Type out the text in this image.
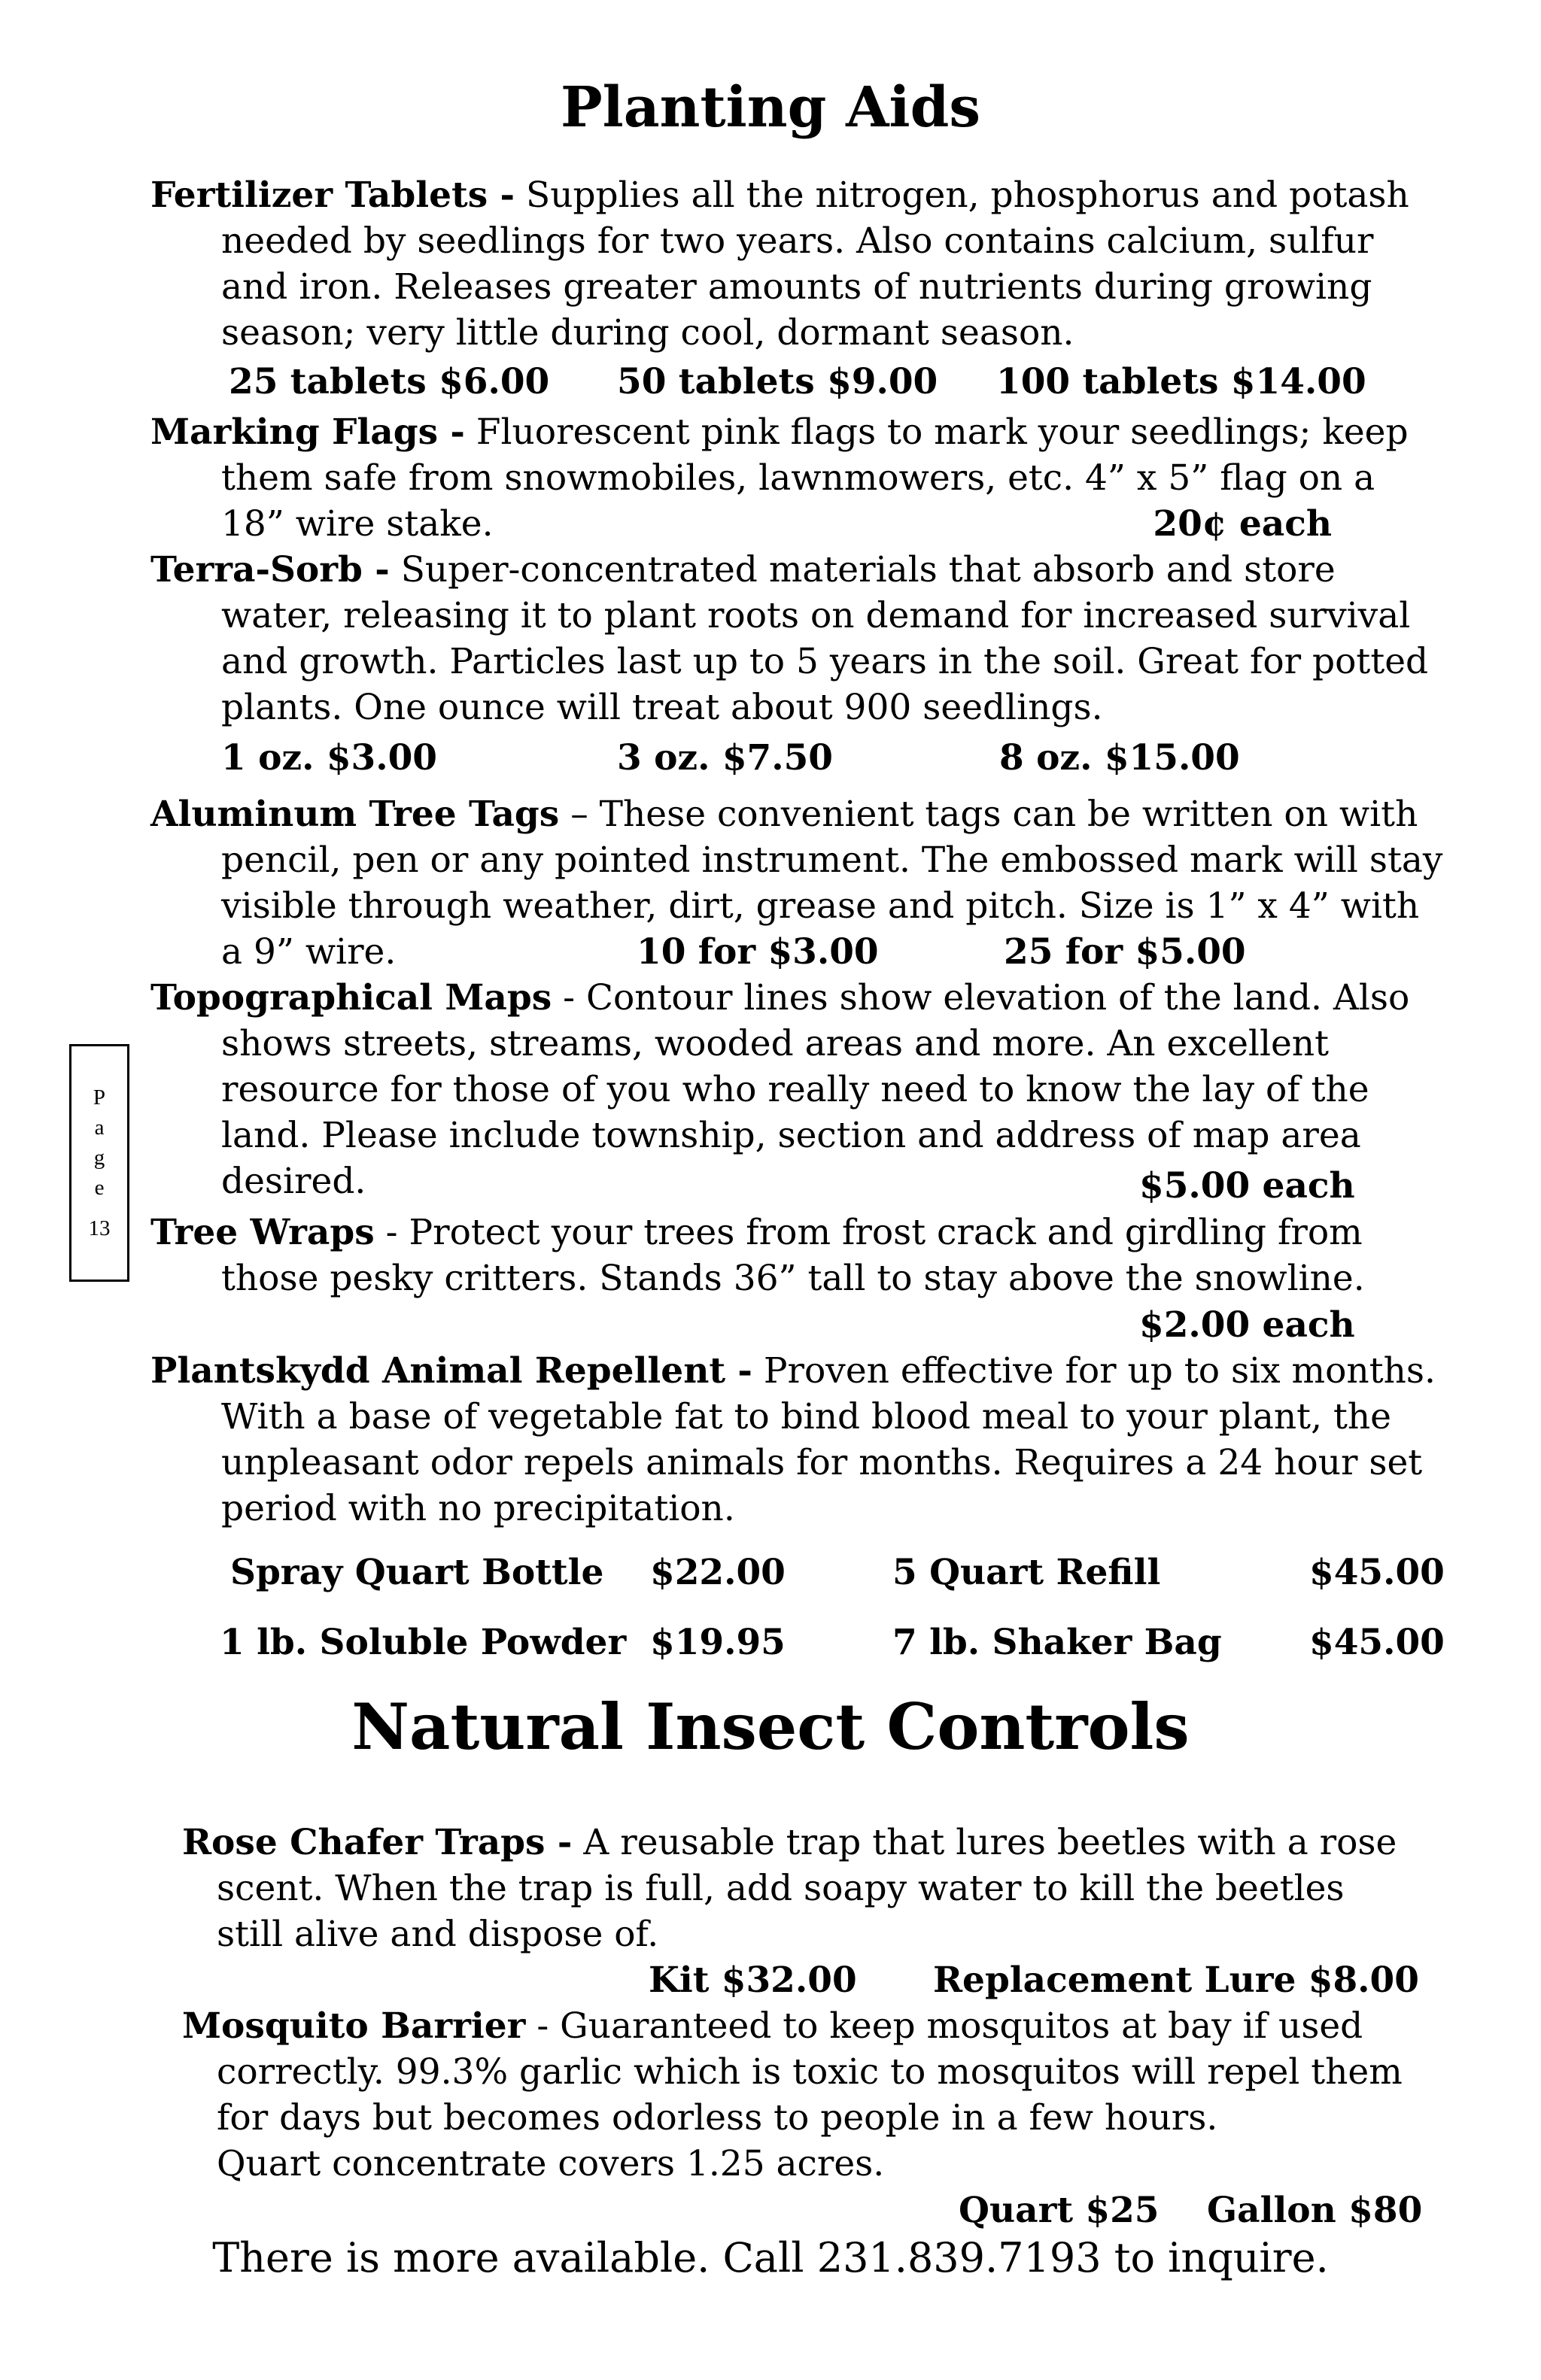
Planting Aids

Fertilizer Tablets - Supplies all the nitrogen, phosphorus and potash needed by seedlings for two years. Also contains calcium, sulfur and iron. Releases greater amounts of nutrients during growing season; very little during cool, dormant season.

25 tablets $6.00 50 tablets $9.00 100 tablets $14.00

Marking Flags - Fluorescent pink flags to mark your seedlings; keep them safe from snowmobiles, lawnmowers, etc. 4” x 5” flag on a 18” wire stake.	20¢ each

Terra-Sorb - Super-concentrated materials that absorb and store water, releasing it to plant roots on demand for increased survival and growth. Particles last up to 5 years in the soil. Great for potted plants. One ounce will treat about 900 seedlings.

1 oz. $3.00	3 oz. $7.50	8 oz. $15.00

Aluminum Tree Tags – These convenient tags can be written on with pencil, pen or any pointed instrument. The embossed mark will stay visible through weather, dirt, grease and pitch. Size is 1” x 4” with a 9” wire.	10 for $3.00	25 for $5.00

Topographical Maps - Contour lines show elevation of the land. Also shows streets, streams, wooded areas and more. An excellent resource for those of you who really need to know the lay of the land. Please include township, section and address of map area desired.	$5.00 each

Tree Wraps - Protect your trees from frost crack and girdling from those pesky critters. Stands 36” tall to stay above the snowline.

$2.00 each

Plantskydd Animal Repellent - Proven effective for up to six months. With a base of vegetable fat to bind blood meal to your plant, the unpleasant odor repels animals for months. Requires a 24 hour set period with no precipitation.

Spray Quart Bottle $22.00	5 Quart Refill	$45.00
1 lb. Soluble Powder $19.95	7 lb. Shaker Bag $45.00
Natural Insect Controls

Rose Chafer Traps - A reusable trap that lures beetles with a rose scent. When the trap is full, add soapy water to kill the beetles still alive and dispose of.

Kit $32.00 Replacement Lure $8.00

Mosquito Barrier - Guaranteed to keep mosquitos at bay if used correctly. 99.3% garlic which is toxic to mosquitos will repel them for days but becomes odorless to people in a few hours.

Quart concentrate covers 1.25 acres.

Quart $25 Gallon $80
P
a
g
e
13

There is more available. Call 231.839.7193 to inquire.
